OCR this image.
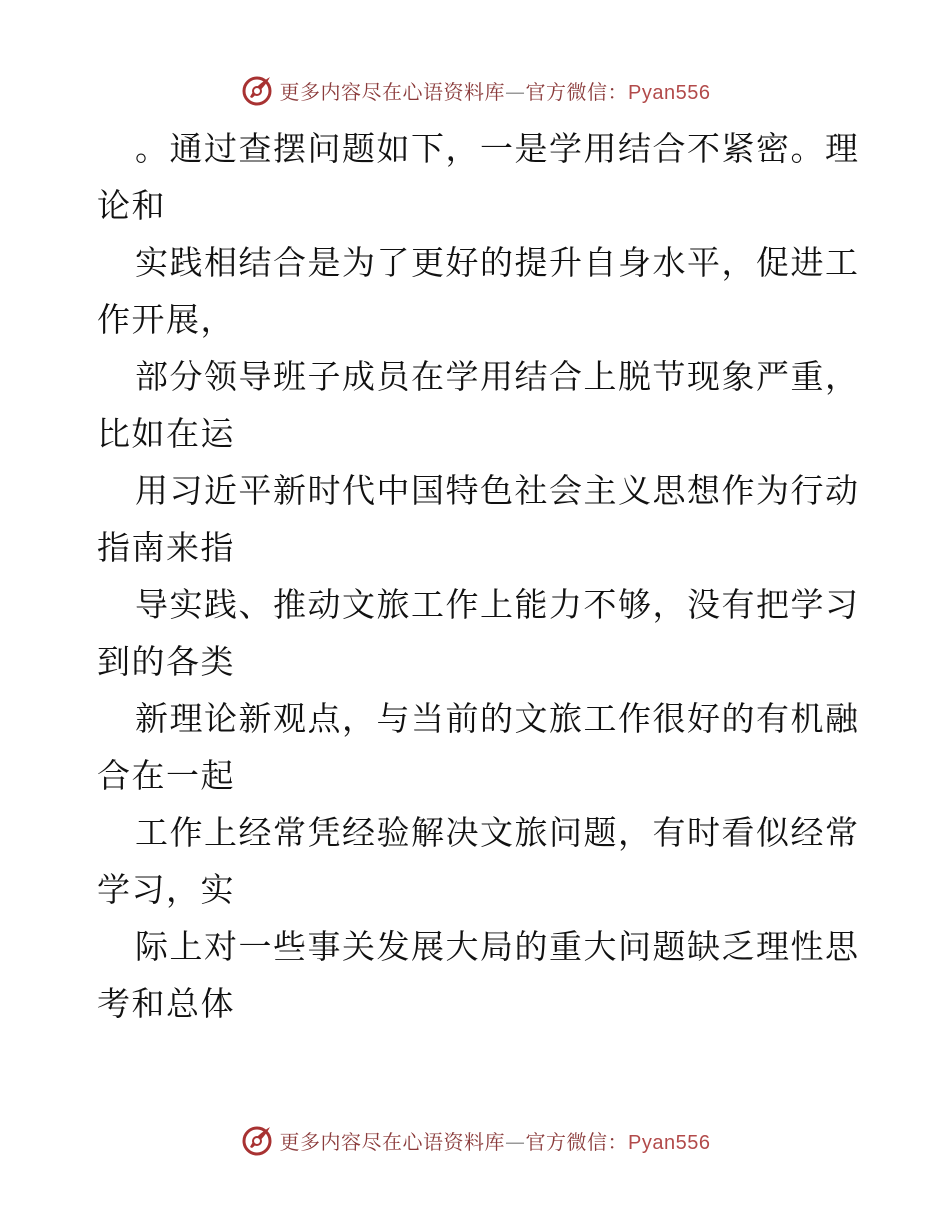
更多内容尽在心语资料库—官方微信：Pyan556
。通过查摆问题如下，一是学用结合不紧密。理
论和
实践相结合是为了更好的提升自身水平，促进工
作开展，
部分领导班子成员在学用结合上脱节现象严重，
比如在运
用习近平新时代中国特色社会主义思想作为行动
指南来指
导实践、推动文旅工作上能力不够，没有把学习
到的各类
新理论新观点，与当前的文旅工作很好的有机融
合在一起
工作上经常凭经验解决文旅问题，有时看似经常
学习，实
际上对一些事关发展大局的重大问题缺乏理性思
考和总体
更多内容尽在心语资料库—官方微信：Pyan556
